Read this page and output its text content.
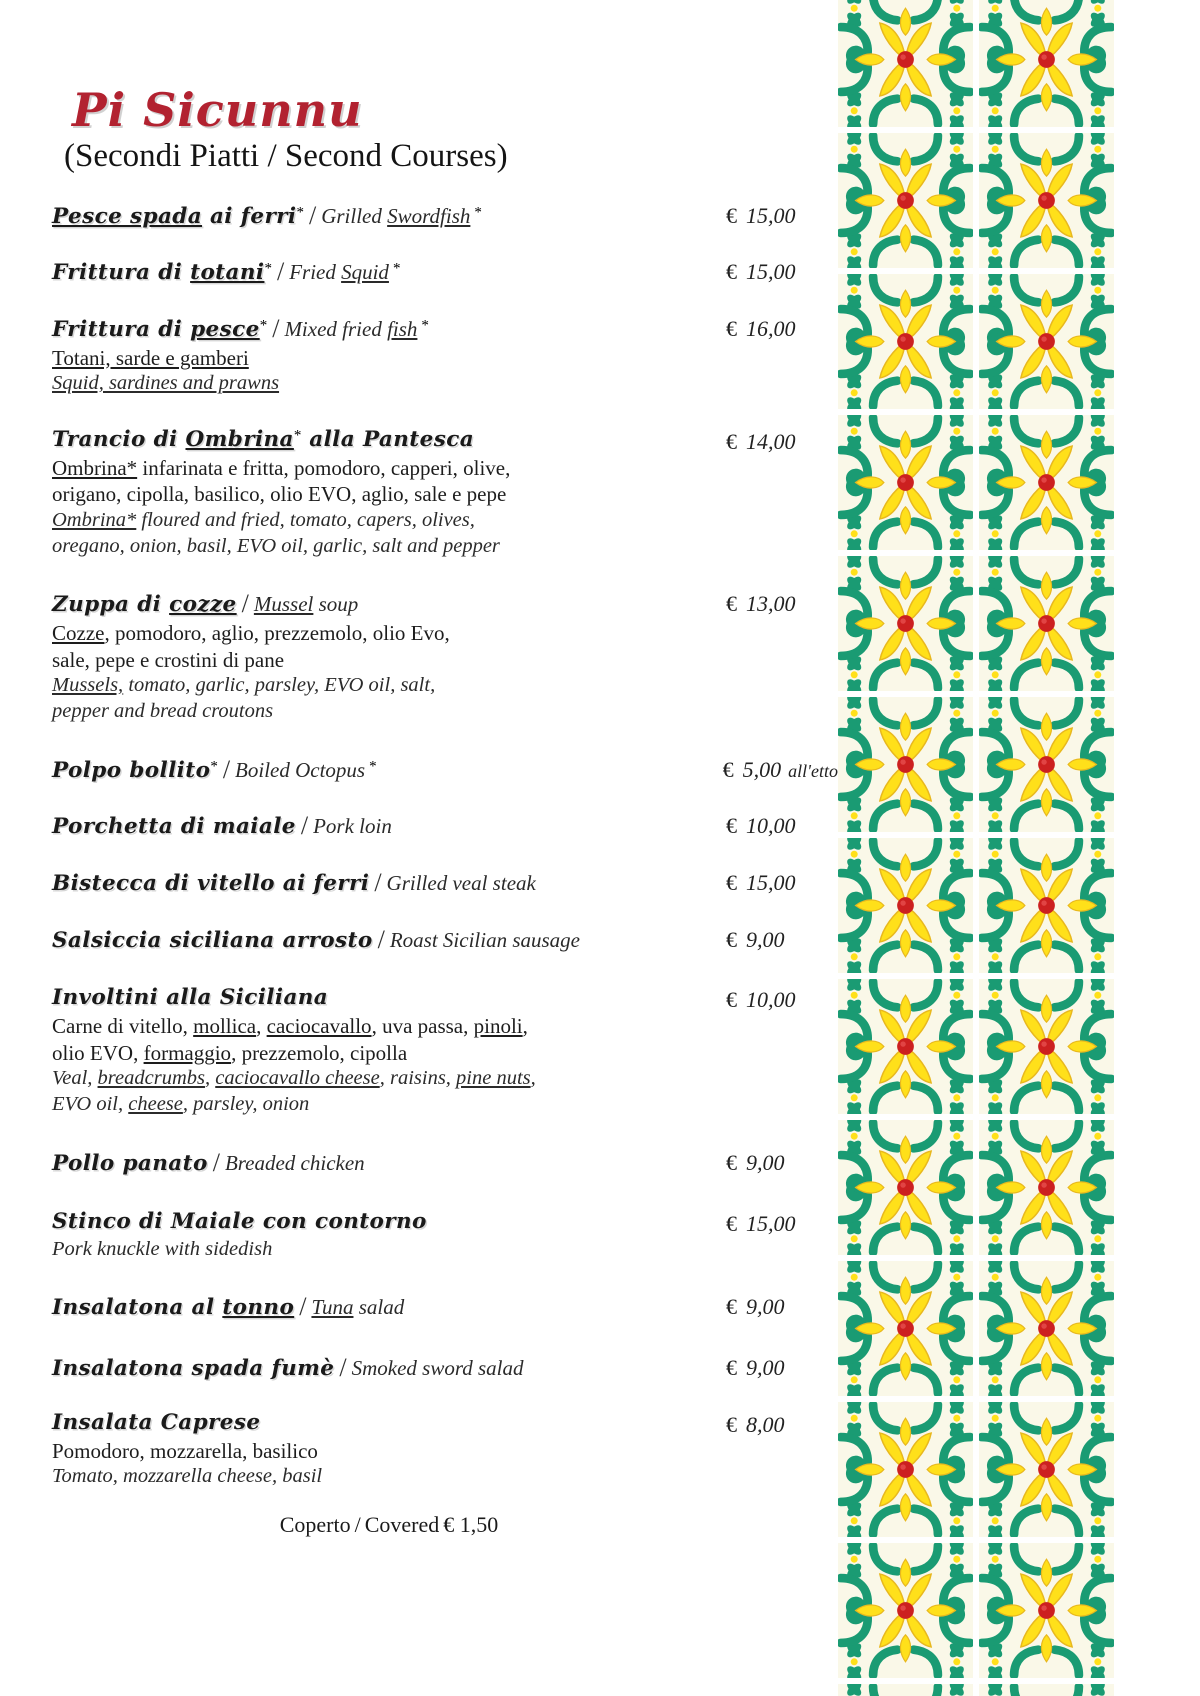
Pi Sicunnu
(Secondi Piatti / Second Courses)
Pesce spada ai ferri* / Grilled Swordfish *	€ 15,00
Frittura di totani* / Fried Squid *	€ 15,00
Frittura di pesce* / Mixed fried fish *	€ 16,00
Totani, sarde e gamberi
Squid, sardines and prawns
Trancio di Ombrina* alla Pantesca	€ 14,00
Ombrina* infarinata e fritta, pomodoro, capperi, olive,
origano, cipolla, basilico, olio EVO, aglio, sale e pepe
Ombrina* floured and fried, tomato, capers, olives,
oregano, onion, basil, EVO oil, garlic, salt and pepper
Zuppa di cozze / Mussel soup	€ 13,00
Cozze, pomodoro, aglio, prezzemolo, olio Evo,
sale, pepe e crostini di pane
Mussels, tomato, garlic, parsley, EVO oil, salt,
pepper and bread croutons
Polpo bollito* / Boiled Octopus *	€ 5,00 all'etto
Porchetta di maiale / Pork loin	€ 10,00
Bistecca di vitello ai ferri / Grilled veal steak	€ 15,00
Salsiccia siciliana arrosto / Roast Sicilian sausage	€ 9,00
Involtini alla Siciliana	€ 10,00
Carne di vitello, mollica, caciocavallo, uva passa, pinoli,
olio EVO, formaggio, prezzemolo, cipolla
Veal, breadcrumbs, caciocavallo cheese, raisins, pine nuts,
EVO oil, cheese, parsley, onion
Pollo panato / Breaded chicken	€ 9,00
Stinco di Maiale con contorno	€ 15,00
Pork knuckle with sidedish
Insalatona al tonno / Tuna salad	€ 9,00
Insalatona spada fumè / Smoked sword salad	€ 9,00
Insalata Caprese	€ 8,00
Pomodoro, mozzarella, basilico
Tomato, mozzarella cheese, basil
Coperto / Covered € 1,50
